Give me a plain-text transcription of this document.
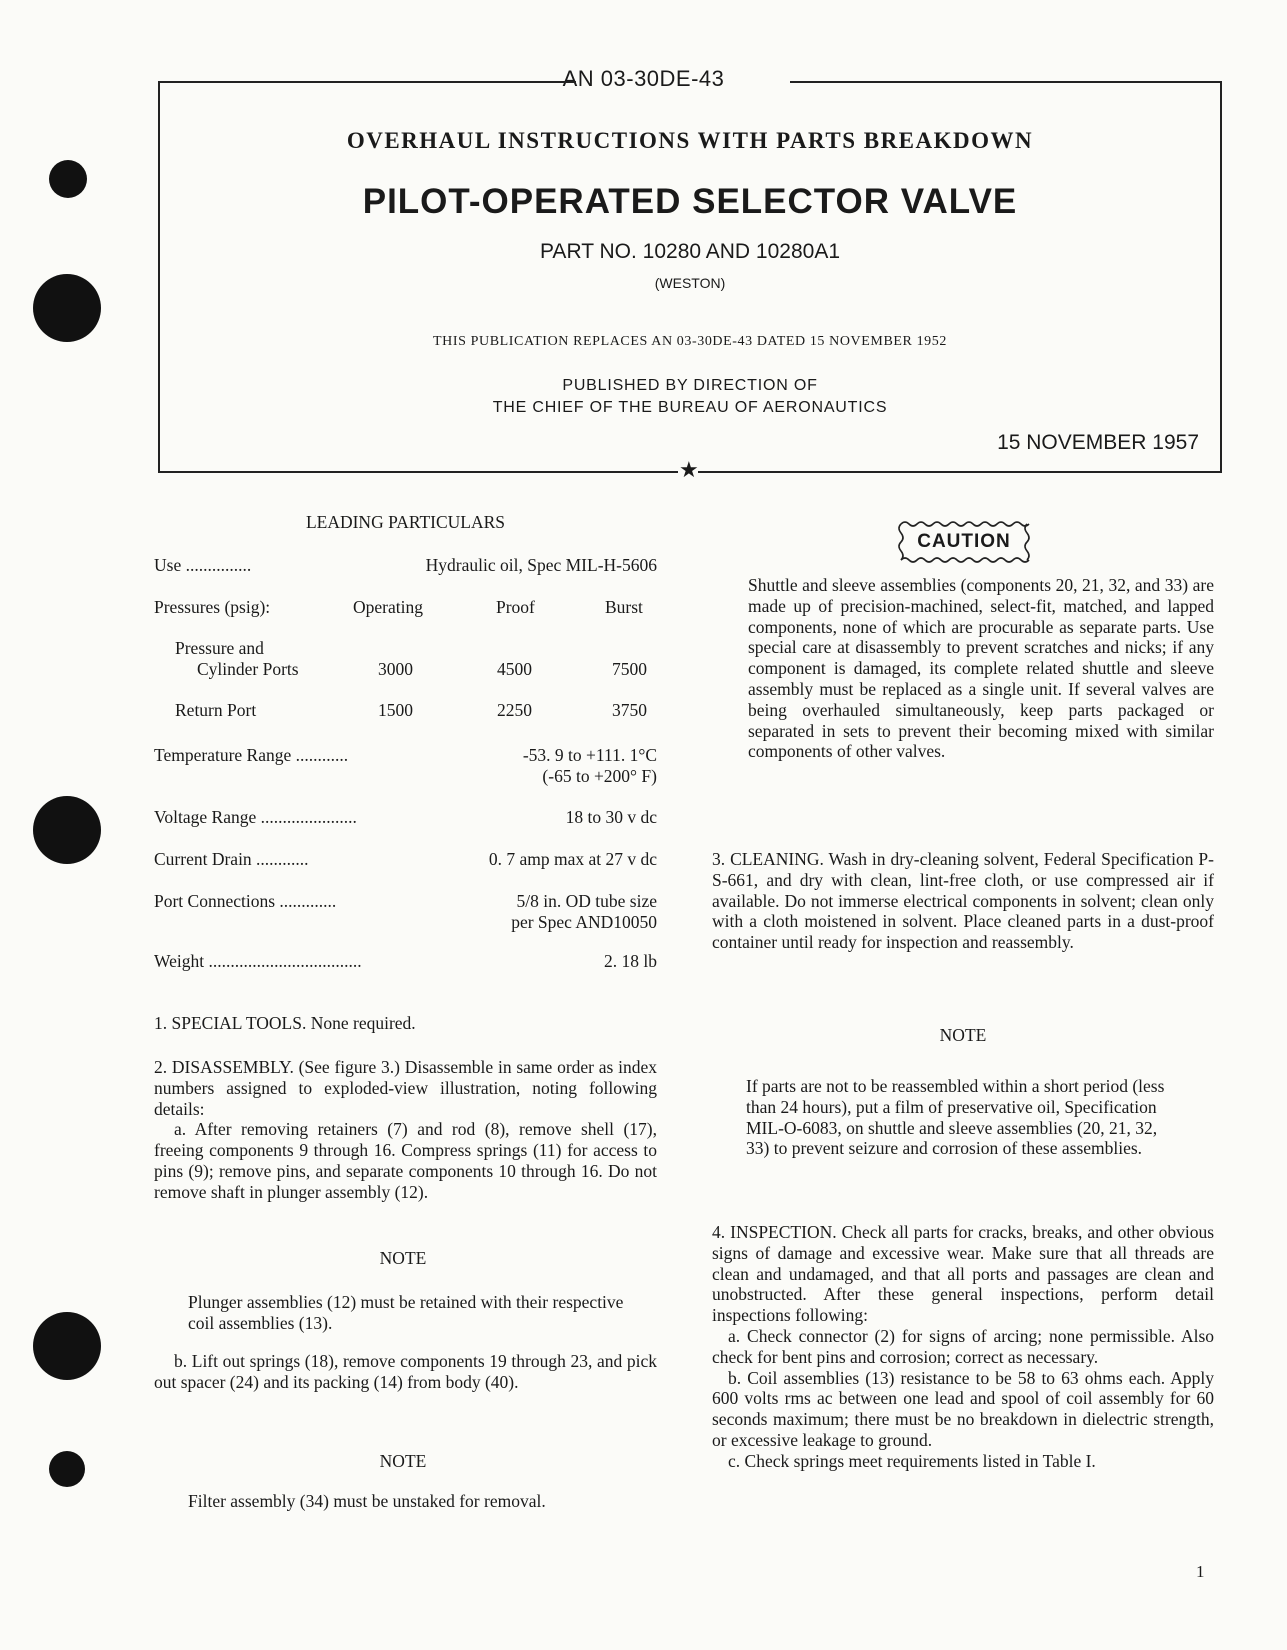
AN 03-30DE-43
★
OVERHAUL INSTRUCTIONS WITH PARTS BREAKDOWN
PILOT-OPERATED SELECTOR VALVE
PART NO. 10280 AND 10280A1
(WESTON)
THIS PUBLICATION REPLACES AN 03-30DE-43 DATED 15 NOVEMBER 1952
PUBLISHED BY DIRECTION OF
THE CHIEF OF THE BUREAU OF AERONAUTICS
15 NOVEMBER 1957
LEADING PARTICULARS
Use ...............	Hydraulic oil, Spec MIL-H-5606
Pressures (psig):	Operating	Proof	Burst
Pressure and
Cylinder Ports	3000	4500	7500
Return Port	1500	2250	3750
Temperature Range ............	-53. 9 to +111. 1°C
(-65 to +200° F)
Voltage Range ......................	18 to 30 v dc
Current Drain ............	0. 7 amp max at 27 v dc
Port Connections .............	5/8 in. OD tube size
per Spec AND10050
Weight ...................................	2. 18 lb

1. SPECIAL TOOLS. None required.

2. DISASSEMBLY. (See figure 3.) Disassemble in same order as index numbers assigned to exploded-view illustration, noting following details:

a. After removing retainers (7) and rod (8), remove shell (17), freeing components 9 through 16. Compress springs (11) for access to pins (9); remove pins, and separate components 10 through 16. Do not remove shaft in plunger assembly (12).

NOTE

Plunger assemblies (12) must be retained with their respective coil assemblies (13).

b. Lift out springs (18), remove components 19 through 23, and pick out spacer (24) and its packing (14) from body (40).

NOTE

Filter assembly (34) must be unstaked for removal.

CAUTION

Shuttle and sleeve assemblies (components 20, 21, 32, and 33) are made up of precision-machined, select-fit, matched, and lapped components, none of which are procurable as separate parts. Use special care at disassembly to prevent scratches and nicks; if any component is damaged, its complete related shuttle and sleeve assembly must be replaced as a single unit. If several valves are being overhauled simultaneously, keep parts packaged or separated in sets to prevent their becoming mixed with similar components of other valves.

3. CLEANING. Wash in dry-cleaning solvent, Federal Specification P-S-661, and dry with clean, lint-free cloth, or use compressed air if available. Do not immerse electrical components in solvent; clean only with a cloth moistened in solvent. Place cleaned parts in a dust-proof container until ready for inspection and reassembly.

NOTE

If parts are not to be reassembled within a short period (less than 24 hours), put a film of preservative oil, Specification MIL-O-6083, on shuttle and sleeve assemblies (20, 21, 32, 33) to prevent seizure and corrosion of these assemblies.

4. INSPECTION. Check all parts for cracks, breaks, and other obvious signs of damage and excessive wear. Make sure that all threads are clean and undamaged, and that all ports and passages are clean and unobstructed. After these general inspections, perform detail inspections following:

a. Check connector (2) for signs of arcing; none permissible. Also check for bent pins and corrosion; correct as necessary.

b. Coil assemblies (13) resistance to be 58 to 63 ohms each. Apply 600 volts rms ac between one lead and spool of coil assembly for 60 seconds maximum; there must be no breakdown in dielectric strength, or excessive leakage to ground.

c. Check springs meet requirements listed in Table I.

1
